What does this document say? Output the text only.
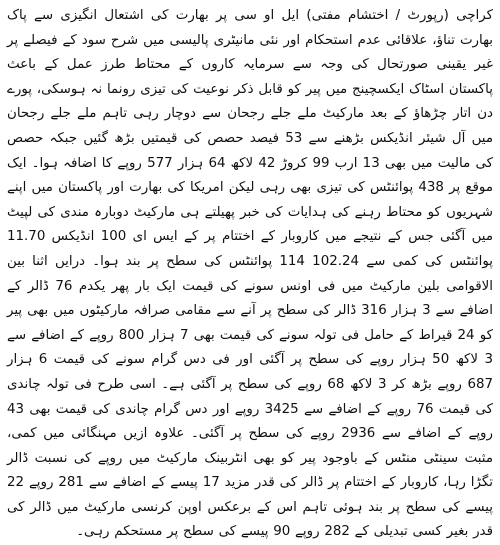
کراچی (رپورٹ / اختشام مفتی) ایل او سی پر بھارت کی اشتعال انگیزی سے پاک بھارت تناؤ، علاقائی عدم استحکام اور نئی مانیٹری پالیسی میں شرح سود کے فیصلے پر غیر یقینی صورتحال کی وجہ سے سرمایہ کاروں کے محتاط طرز عمل کے باعث پاکستان اسٹاک ایکسچینج میں پیر کو قابل ذکر نوعیت کی تیزی رونما نہ ہوسکی، پورے دن اتار چڑھاؤ کے بعد مارکیٹ ملے جلے رجحان سے دوچار رہی تاہم ملے جلے رجحان میں آل شیئر انڈیکس بڑھنے سے 53 فیصد حصص کی قیمتیں بڑھ گئیں جبکہ حصص کی مالیت میں بھی 13 ارب 99 کروڑ 42 لاکھ 64 ہزار 577 روپے کا اضافہ ہوا۔ ایک موقع پر 438 پوائنٹس کی تیزی بھی رہی لیکن امریکا کی بھارت اور پاکستان میں اپنے شہریوں کو محتاط رہنے کی ہدایات کی خبر پھیلتے ہی مارکیٹ دوبارہ مندی کی لپیٹ میں آگئی جس کے نتیجے میں کاروبار کے اختتام پر کے ایس ای 100 انڈیکس 11.70 پوائنٹس کی کمی سے 102.24 114 پوائنٹس کی سطح پر بند ہوا۔ درایں اثنا بین الاقوامی بلین مارکیٹ میں فی اونس سونے کی قیمت ایک بار پھر یکدم 76 ڈالر کے اضافے سے 3 ہزار 316 ڈالر کی سطح پر آنے سے مقامی صرافہ مارکیٹوں میں بھی پیر کو 24 قیراط کے حامل فی تولہ سونے کی قیمت بھی 7 ہزار 800 روپے کے اضافے سے 3 لاکھ 50 ہزار روپے کی سطح پر آگئی اور فی دس گرام سونے کی قیمت 6 ہزار 687 روپے بڑھ کر 3 لاکھ 68 روپے کی سطح پر آگئی ہے۔ اسی طرح فی تولہ چاندی کی قیمت 76 روپے کے اضافے سے 3425 روپے اور دس گرام چاندی کی قیمت بھی 43 روپے کے اضافے سے 2936 روپے کی سطح پر آگئی۔ علاوہ ازیں مہنگائی میں کمی، مثبت سینٹی منٹس کے باوجود پیر کو بھی انٹربینک مارکیٹ میں روپے کی نسبت ڈالر تگڑا رہا، کاروبار کے اختتام پر ڈالر کی قدر مزید 17 پیسے کے اضافے سے 281 روپے 22 پیسے کی سطح پر بند ہوئی تاہم اس کے برعکس اوپن کرنسی مارکیٹ میں ڈالر کی قدر بغیر کسی تبدیلی کے 282 روپے 90 پیسے کی سطح پر مستحکم رہی۔
